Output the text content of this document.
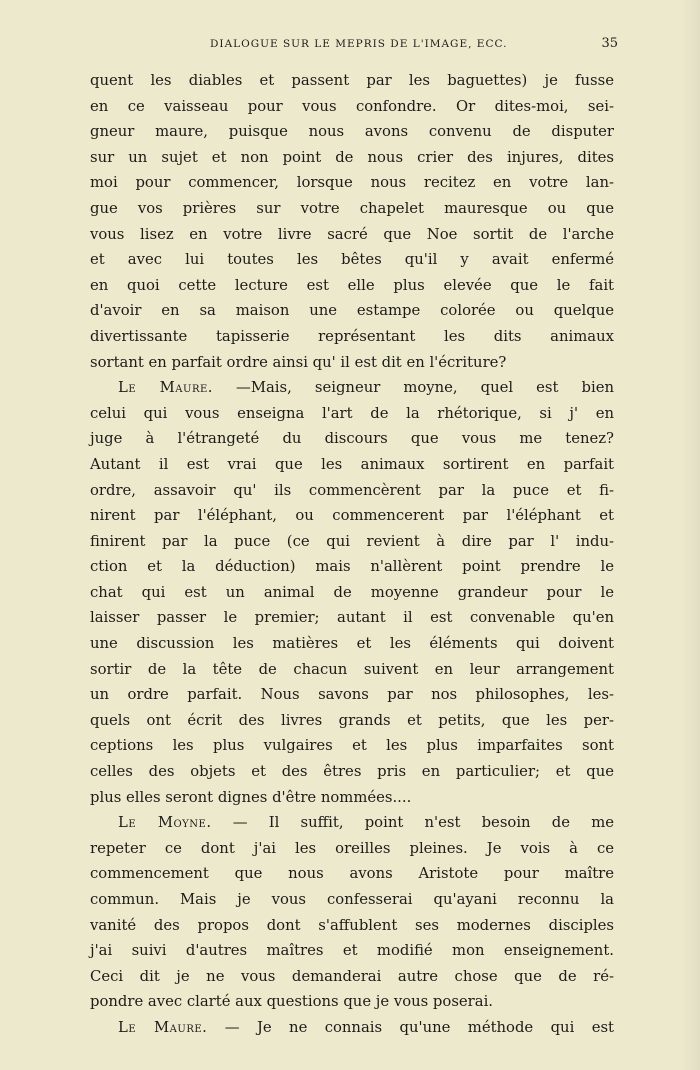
DIALOGUE SUR LE MEPRIS DE L'IMAGE, ECC.	35
quent les diables et passent par les baguettes) je fusse
en ce vaisseau pour vous confondre. Or dites-moi, sei-
gneur maure, puisque nous avons convenu de disputer
sur un sujet et non point de nous crier des injures, dites
moi pour commencer, lorsque nous recitez en votre lan-
gue vos prières sur votre chapelet mauresque ou que
vous lisez en votre livre sacré que Noe sortit de l'arche
et avec lui toutes les bêtes qu'il y avait enfermé
en quoi cette lecture est elle plus elevée que le fait
d'avoir en sa maison une estampe colorée ou quelque
divertissante tapisserie représentant les dits animaux
sortant en parfait ordre ainsi qu' il est dit en l'écriture?
Le Maure. —Mais, seigneur moyne, quel est bien
celui qui vous enseigna l'art de la rhétorique, si j' en
juge à l'étrangeté du discours que vous me tenez?
Autant il est vrai que les animaux sortirent en parfait
ordre, assavoir qu' ils commencèrent par la puce et fi-
nirent par l'éléphant, ou commencerent par l'éléphant et
finirent par la puce (ce qui revient à dire par l' indu-
ction et la déduction) mais n'allèrent point prendre le
chat qui est un animal de moyenne grandeur pour le
laisser passer le premier; autant il est convenable qu'en
une discussion les matières et les éléments qui doivent
sortir de la tête de chacun suivent en leur arrangement
un ordre parfait. Nous savons par nos philosophes, les-
quels ont écrit des livres grands et petits, que les per-
ceptions les plus vulgaires et les plus imparfaites sont
celles des objets et des êtres pris en particulier; et que
plus elles seront dignes d'être nommées....
Le Moyne. — Il suffit, point n'est besoin de me
repeter ce dont j'ai les oreilles pleines. Je vois à ce
commencement que nous avons Aristote pour maître
commun. Mais je vous confesserai qu'ayani reconnu la
vanité des propos dont s'affublent ses modernes disciples
j'ai suivi d'autres maîtres et modifié mon enseignement.
Ceci dit je ne vous demanderai autre chose que de ré-
pondre avec clarté aux questions que je vous poserai.
Le Maure. — Je ne connais qu'une méthode qui est
